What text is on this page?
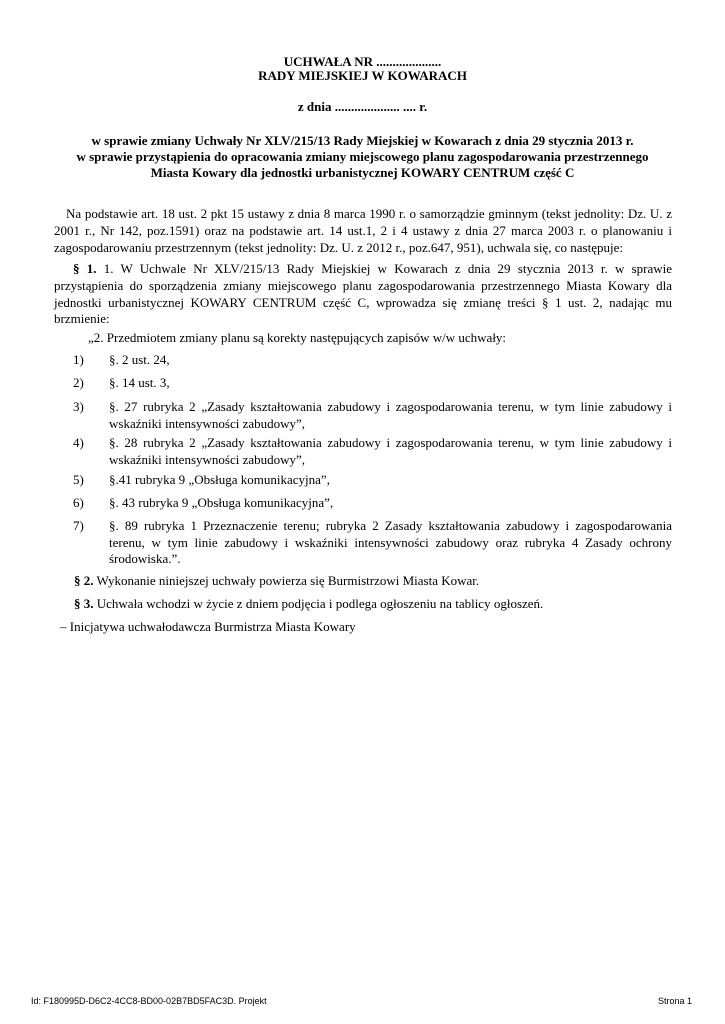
UCHWAŁA NR ....................
RADY MIEJSKIEJ W KOWARACH
z dnia .................... .... r.
w sprawie zmiany Uchwały Nr XLV/215/13 Rady Miejskiej w Kowarach z dnia 29 stycznia 2013 r.
w sprawie przystąpienia do opracowania zmiany miejscowego planu zagospodarowania przestrzennego
Miasta Kowary dla jednostki urbanistycznej KOWARY CENTRUM część C
Na podstawie art. 18 ust. 2 pkt 15 ustawy z dnia 8 marca 1990 r. o samorządzie gminnym (tekst jednolity: Dz. U. z 2001 r., Nr 142, poz.1591) oraz na podstawie art. 14 ust.1, 2 i 4 ustawy z dnia 27 marca 2003 r. o planowaniu i zagospodarowaniu przestrzennym (tekst jednolity: Dz. U. z 2012 r., poz.647, 951), uchwala się, co następuje:
§ 1. 1. W Uchwale Nr XLV/215/13 Rady Miejskiej w Kowarach z dnia 29 stycznia 2013 r. w sprawie przystąpienia do sporządzenia zmiany miejscowego planu zagospodarowania przestrzennego Miasta Kowary dla jednostki urbanistycznej KOWARY CENTRUM część C, wprowadza się zmianę treści § 1 ust. 2, nadając mu brzmienie:
„2. Przedmiotem zmiany planu są korekty następujących zapisów w/w uchwały:
1) §. 2 ust. 24,
2) §. 14 ust. 3,
3) §. 27 rubryka 2 „Zasady kształtowania zabudowy i zagospodarowania terenu, w tym linie zabudowy i wskaźniki intensywności zabudowy”,
4) §. 28 rubryka 2 „Zasady kształtowania zabudowy i zagospodarowania terenu, w tym linie zabudowy i wskaźniki intensywności zabudowy”,
5) §.41 rubryka 9 „Obsługa komunikacyjna”,
6) §. 43 rubryka 9 „Obsługa komunikacyjna”,
7) §. 89 rubryka 1 Przeznaczenie terenu; rubryka 2 Zasady kształtowania zabudowy i zagospodarowania terenu, w tym linie zabudowy i wskaźniki intensywności zabudowy oraz rubryka 4 Zasady ochrony środowiska.”.
§ 2. Wykonanie niniejszej uchwały powierza się Burmistrzowi Miasta Kowar.
§ 3. Uchwała wchodzi w życie z dniem podjęcia i podlega ogłoszeniu na tablicy ogłoszeń.
– Inicjatywa uchwałodawcza Burmistrza Miasta Kowary
Id: F180995D-D6C2-4CC8-BD00-02B7BD5FAC3D. Projekt	Strona 1
